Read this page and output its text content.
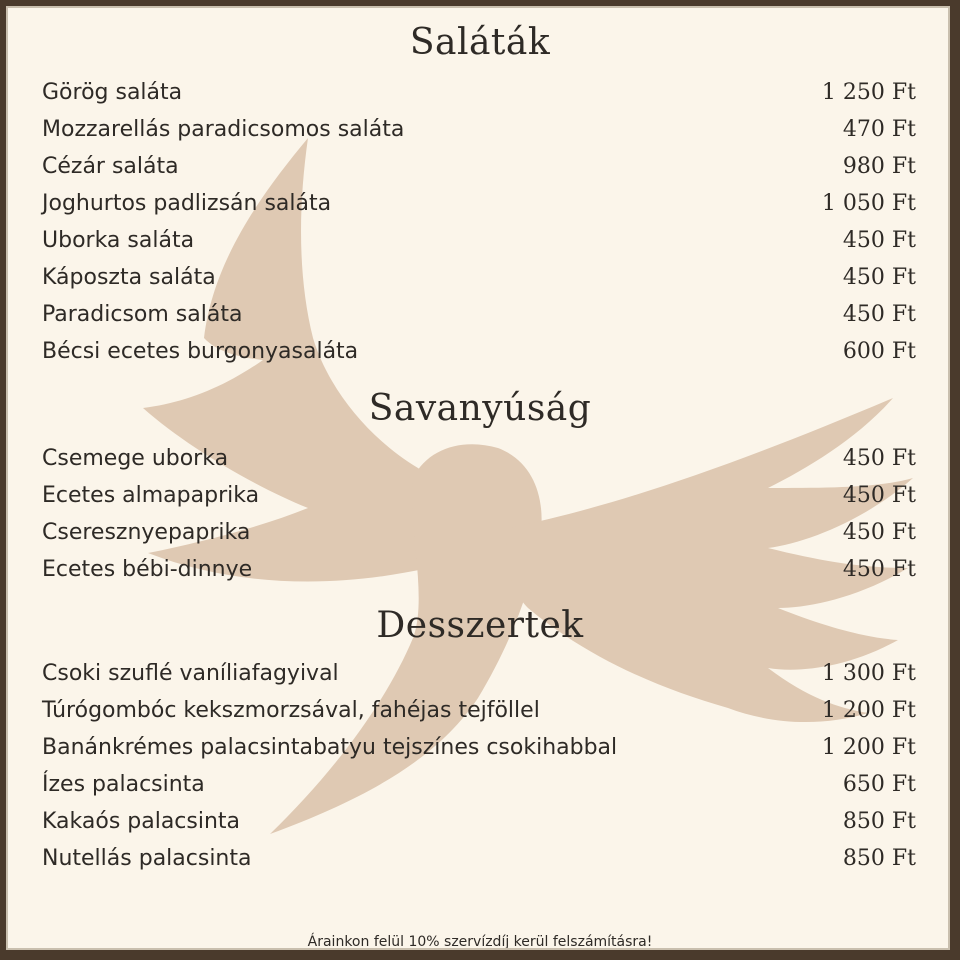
Saláták
Görög saláta	1 250 Ft
Mozzarellás paradicsomos saláta	470 Ft
Cézár saláta	980 Ft
Joghurtos padlizsán saláta	1 050 Ft
Uborka saláta	450 Ft
Káposzta saláta	450 Ft
Paradicsom saláta	450 Ft
Bécsi ecetes burgonyasaláta	600 Ft
Savanyúság
Csemege uborka	450 Ft
Ecetes almapaprika	450 Ft
Cseresznyepaprika	450 Ft
Ecetes bébi-dinnye	450 Ft
Desszertek
Csoki szuflé vaníliafagyival	1 300 Ft
Túrógombóc kekszmorzsával, fahéjas tejföllel	1 200 Ft
Banánkrémes palacsintabatyu tejszínes csokihabbal	1 200 Ft
Ízes palacsinta	650 Ft
Kakaós palacsinta	850 Ft
Nutellás palacsinta	850 Ft
Árainkon felül 10% szervízdíj kerül felszámításra!
